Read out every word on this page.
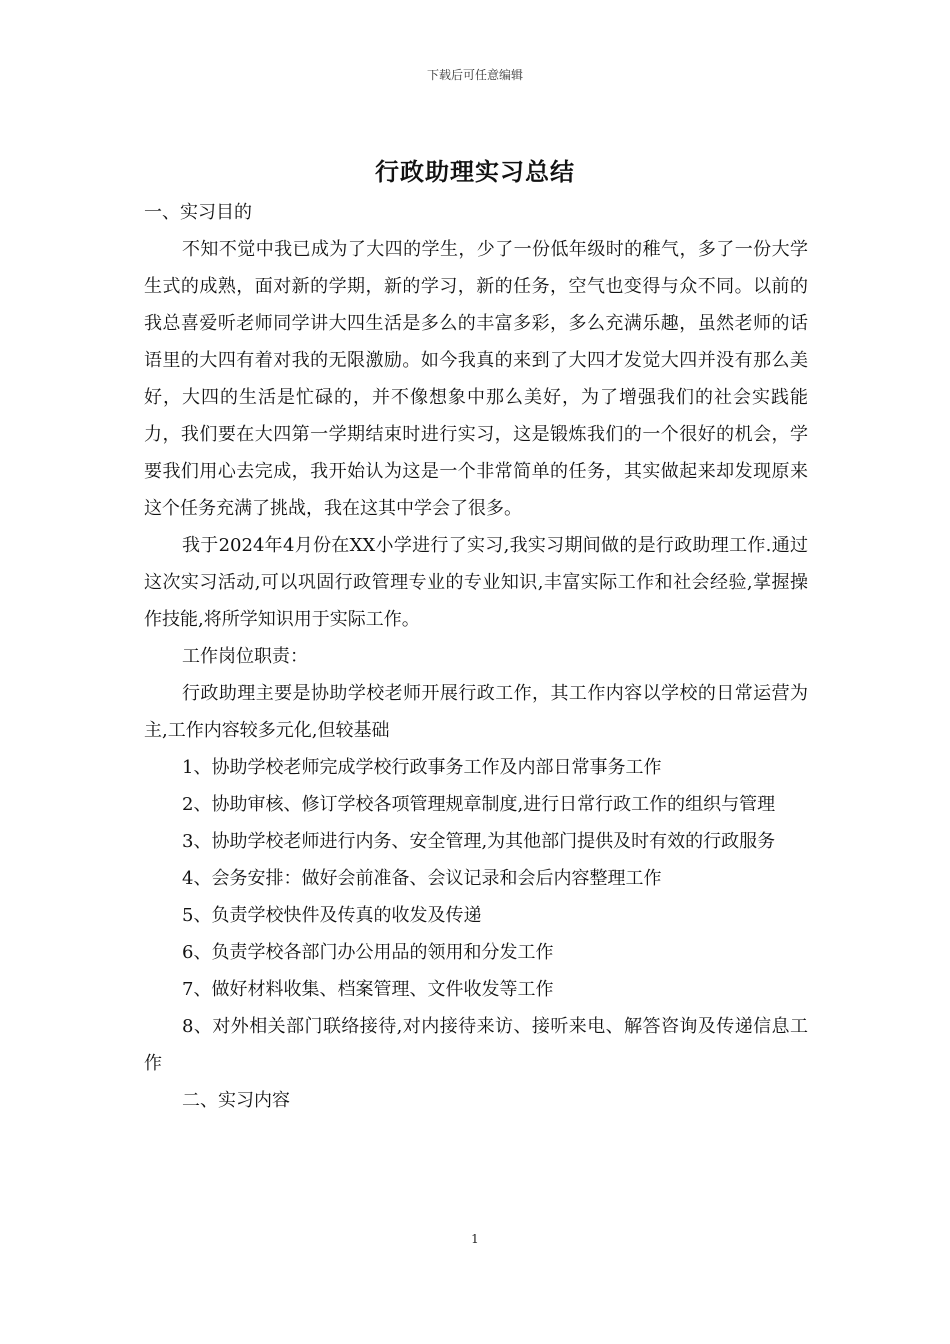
下载后可任意编辑
行政助理实习总结

一、实习目的

不知不觉中我已成为了大四的学生，少了一份低年级时的稚气，多了一份大学生式的成熟，面对新的学期，新的学习，新的任务，空气也变得与众不同。以前的我总喜爱听老师同学讲大四生活是多么的丰富多彩，多么充满乐趣，虽然老师的话语里的大四有着对我的无限激励。如今我真的来到了大四才发觉大四并没有那么美好，大四的生活是忙碌的，并不像想象中那么美好，为了增强我们的社会实践能力，我们要在大四第一学期结束时进行实习，这是锻炼我们的一个很好的机会，学要我们用心去完成，我开始认为这是一个非常简单的任务，其实做起来却发现原来这个任务充满了挑战，我在这其中学会了很多。

我于2024年4月份在XX小学进行了实习,我实习期间做的是行政助理工作.通过这次实习活动,可以巩固行政管理专业的专业知识,丰富实际工作和社会经验,掌握操作技能,将所学知识用于实际工作。

工作岗位职责：

行政助理主要是协助学校老师开展行政工作，其工作内容以学校的日常运营为主,工作内容较多元化,但较基础

1、协助学校老师完成学校行政事务工作及内部日常事务工作

2、协助审核、修订学校各项管理规章制度,进行日常行政工作的组织与管理

3、协助学校老师进行内务、安全管理,为其他部门提供及时有效的行政服务

4、会务安排：做好会前准备、会议记录和会后内容整理工作

5、负责学校快件及传真的收发及传递

6、负责学校各部门办公用品的领用和分发工作

7、做好材料收集、档案管理、文件收发等工作

8、对外相关部门联络接待,对内接待来访、接听来电、解答咨询及传递信息工作

二、实习内容

1
